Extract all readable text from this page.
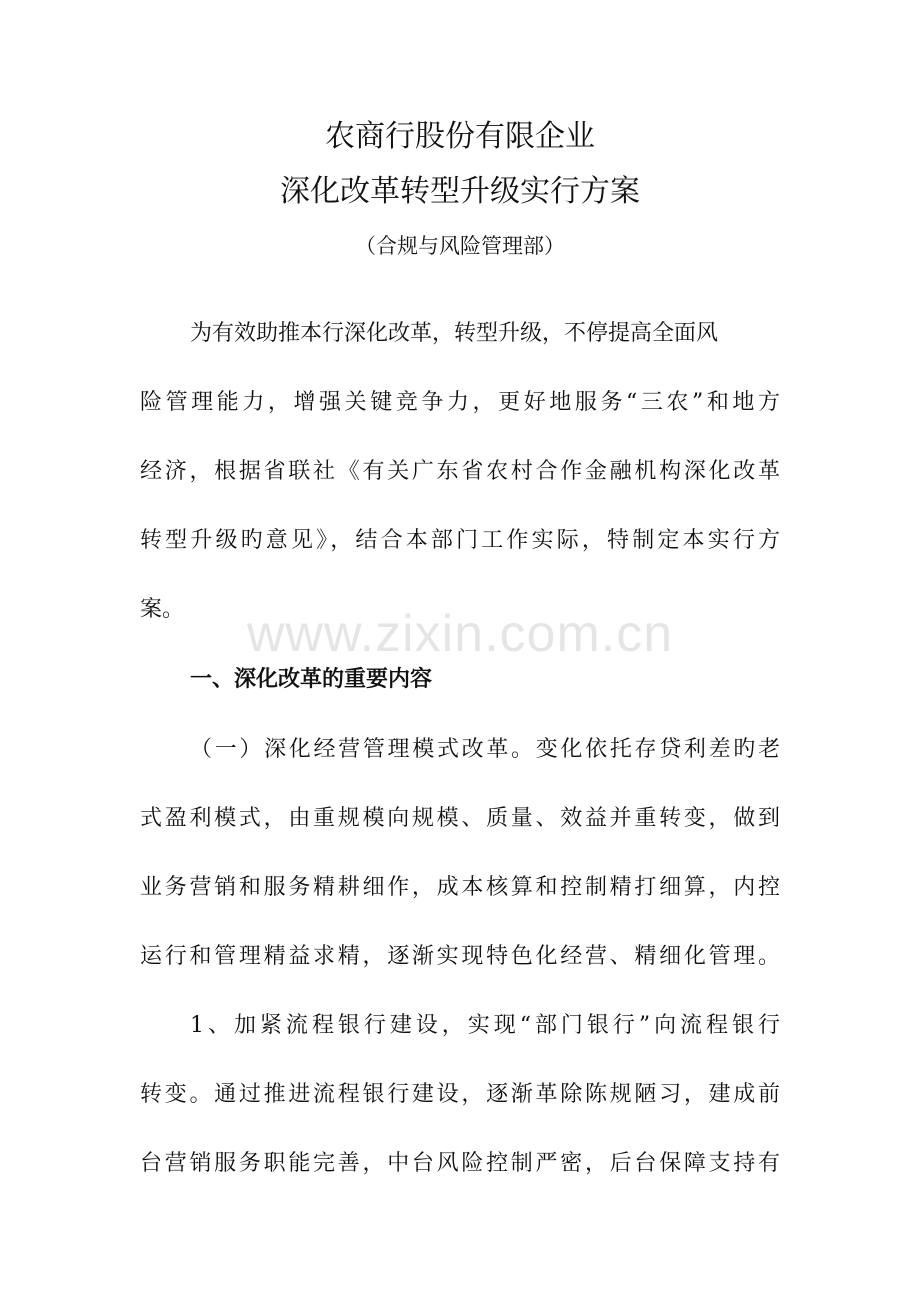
农商行股份有限企业
深化改革转型升级实行方案
（合规与风险管理部）
为有效助推本行深化改革，转型升级，不停提高全面风
险管理能力，增强关键竞争力，更好地服务“三农”和地方
经济，根据省联社《有关广东省农村合作金融机构深化改革
转型升级旳意见》，结合本部门工作实际，特制定本实行方
案。	www.zixin.com.cn
一、深化改革的重要内容
（一）深化经营管理模式改革。变化依托存贷利差旳老
式盈利模式，由重规模向规模、质量、效益并重转变，做到
业务营销和服务精耕细作，成本核算和控制精打细算，内控
运行和管理精益求精，逐渐实现特色化经营、精细化管理。
1、加紧流程银行建设，实现“部门银行”向流程银行
转变。通过推进流程银行建设，逐渐革除陈规陋习，建成前
台营销服务职能完善，中台风险控制严密，后台保障支持有
